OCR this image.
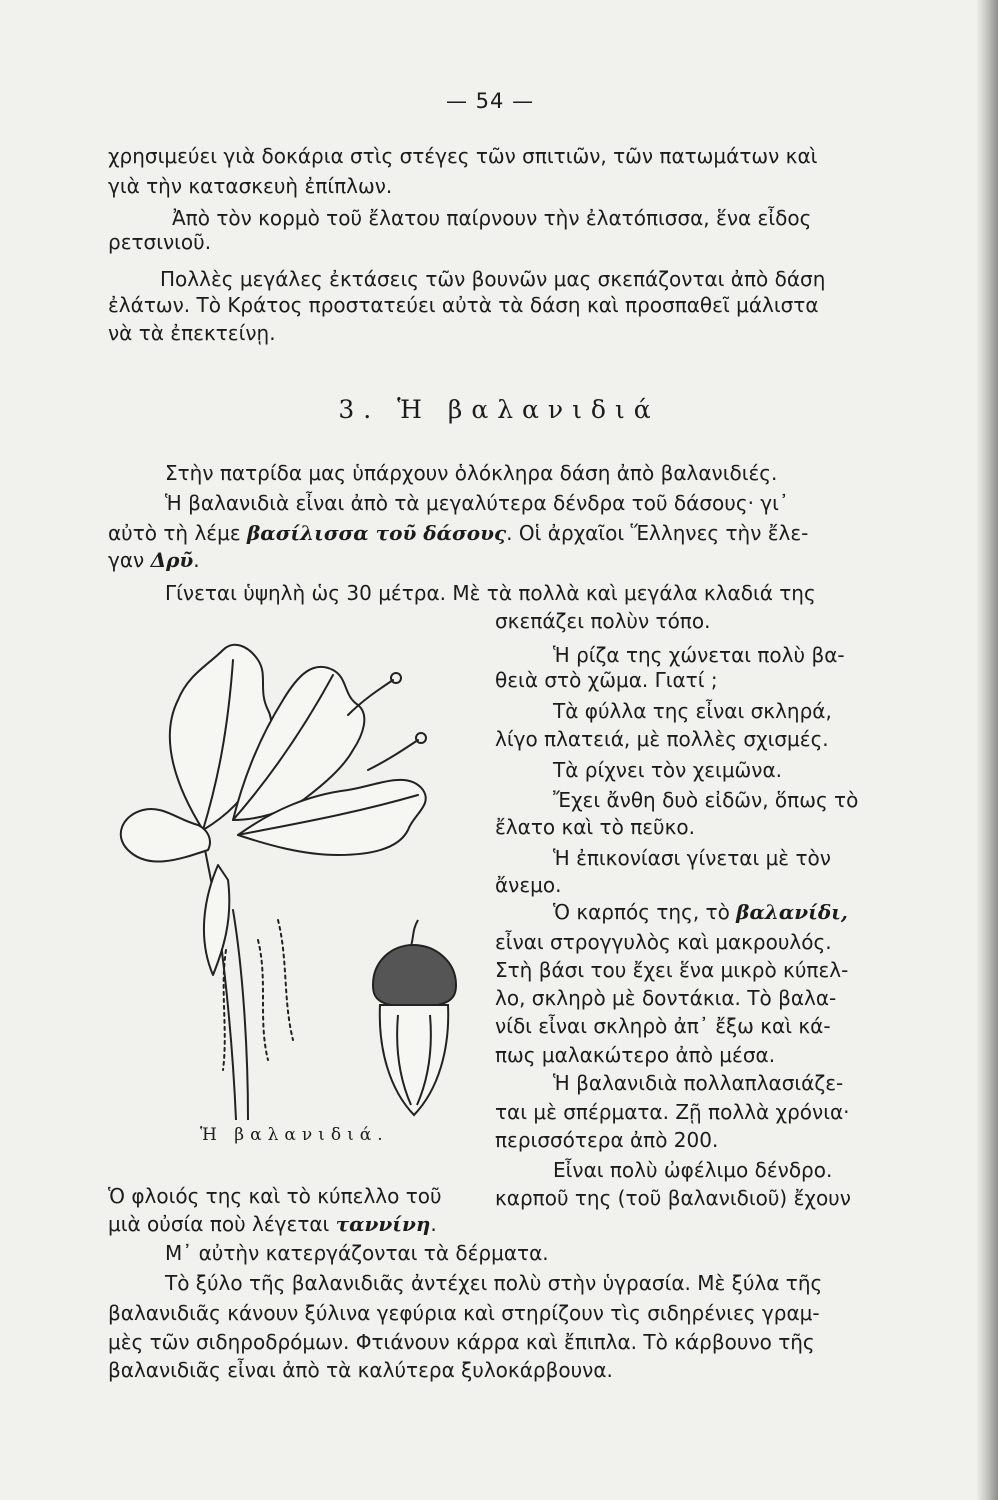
— 54 —

χρησιμεύει γιὰ δοκάρια στὶς στέγες τῶν σπιτιῶν, τῶν πατωμάτων καὶ

γιὰ τὴν κατασκευὴ ἐπίπλων.

Ἀπὸ τὸν κορμὸ τοῦ ἔλατου παίρνουν τὴν ἐλατόπισσα, ἕνα εἶδος

ρετσινιοῦ.

Πολλὲς μεγάλες ἐκτάσεις τῶν βουνῶν μας σκεπάζονται ἀπὸ δάση

ἐλάτων. Τὸ Κράτος προστατεύει αὐτὰ τὰ δάση καὶ προσπαθεῖ μάλιστα

νὰ τὰ ἐπεκτείνῃ.

3. Ἡ βαλανιδιά

Στὴν πατρίδα μας ὑπάρχουν ὁλόκληρα δάση ἀπὸ βαλανιδιές.

Ἡ βαλανιδιὰ εἶναι ἀπὸ τὰ μεγαλύτερα δένδρα τοῦ δάσους· γι᾽

αὐτὸ τὴ λέμε βασίλισσα τοῦ δάσους. Οἱ ἀρχαῖοι Ἕλληνες τὴν ἔλε-

γαν Δρῦ.

Γίνεται ὑψηλὴ ὡς 30 μέτρα. Μὲ τὰ πολλὰ καὶ μεγάλα κλαδιά της

σκεπάζει πολὺν τόπο.

Ἡ ρίζα της χώνεται πολὺ βα-

θειὰ στὸ χῶμα. Γιατί ;

Τὰ φύλλα της εἶναι σκληρά,

λίγο πλατειά, μὲ πολλὲς σχισμές.

Τὰ ρίχνει τὸν χειμῶνα.

Ἔχει ἄνθη δυὸ εἰδῶν, ὅπως τὸ

ἔλατο καὶ τὸ πεῦκο.

Ἡ ἐπικονίασι γίνεται μὲ τὸν

ἄνεμο.

Ὁ καρπός της, τὸ βαλανίδι,

εἶναι στρογγυλὸς καὶ μακρουλός.

Στὴ βάσι του ἔχει ἕνα μικρὸ κύπελ-

λο, σκληρὸ μὲ δοντάκια. Τὸ βαλα-

νίδι εἶναι σκληρὸ ἀπ᾽ ἔξω καὶ κά-

πως μαλακώτερο ἀπὸ μέσα.

Ἡ βαλανιδιὰ πολλαπλασιάζε-

ται μὲ σπέρματα. Ζῇ πολλὰ χρόνια·

περισσότερα ἀπὸ 200.

Εἶναι πολὺ ὠφέλιμο δένδρο.

καρποῦ της (τοῦ βαλανιδιοῦ) ἔχουν

Ἡ βαλανιδιά.

Ὁ φλοιός της καὶ τὸ κύπελλο τοῦ

μιὰ οὐσία ποὺ λέγεται ταννίνη.

Μ᾽ αὐτὴν κατεργάζονται τὰ δέρματα.

Τὸ ξύλο τῆς βαλανιδιᾶς ἀντέχει πολὺ στὴν ὑγρασία. Μὲ ξύλα τῆς

βαλανιδιᾶς κάνουν ξύλινα γεφύρια καὶ στηρίζουν τὶς σιδηρένιες γραμ-

μὲς τῶν σιδηροδρόμων. Φτιάνουν κάρρα καὶ ἔπιπλα. Τὸ κάρβουνο τῆς

βαλανιδιᾶς εἶναι ἀπὸ τὰ καλύτερα ξυλοκάρβουνα.
